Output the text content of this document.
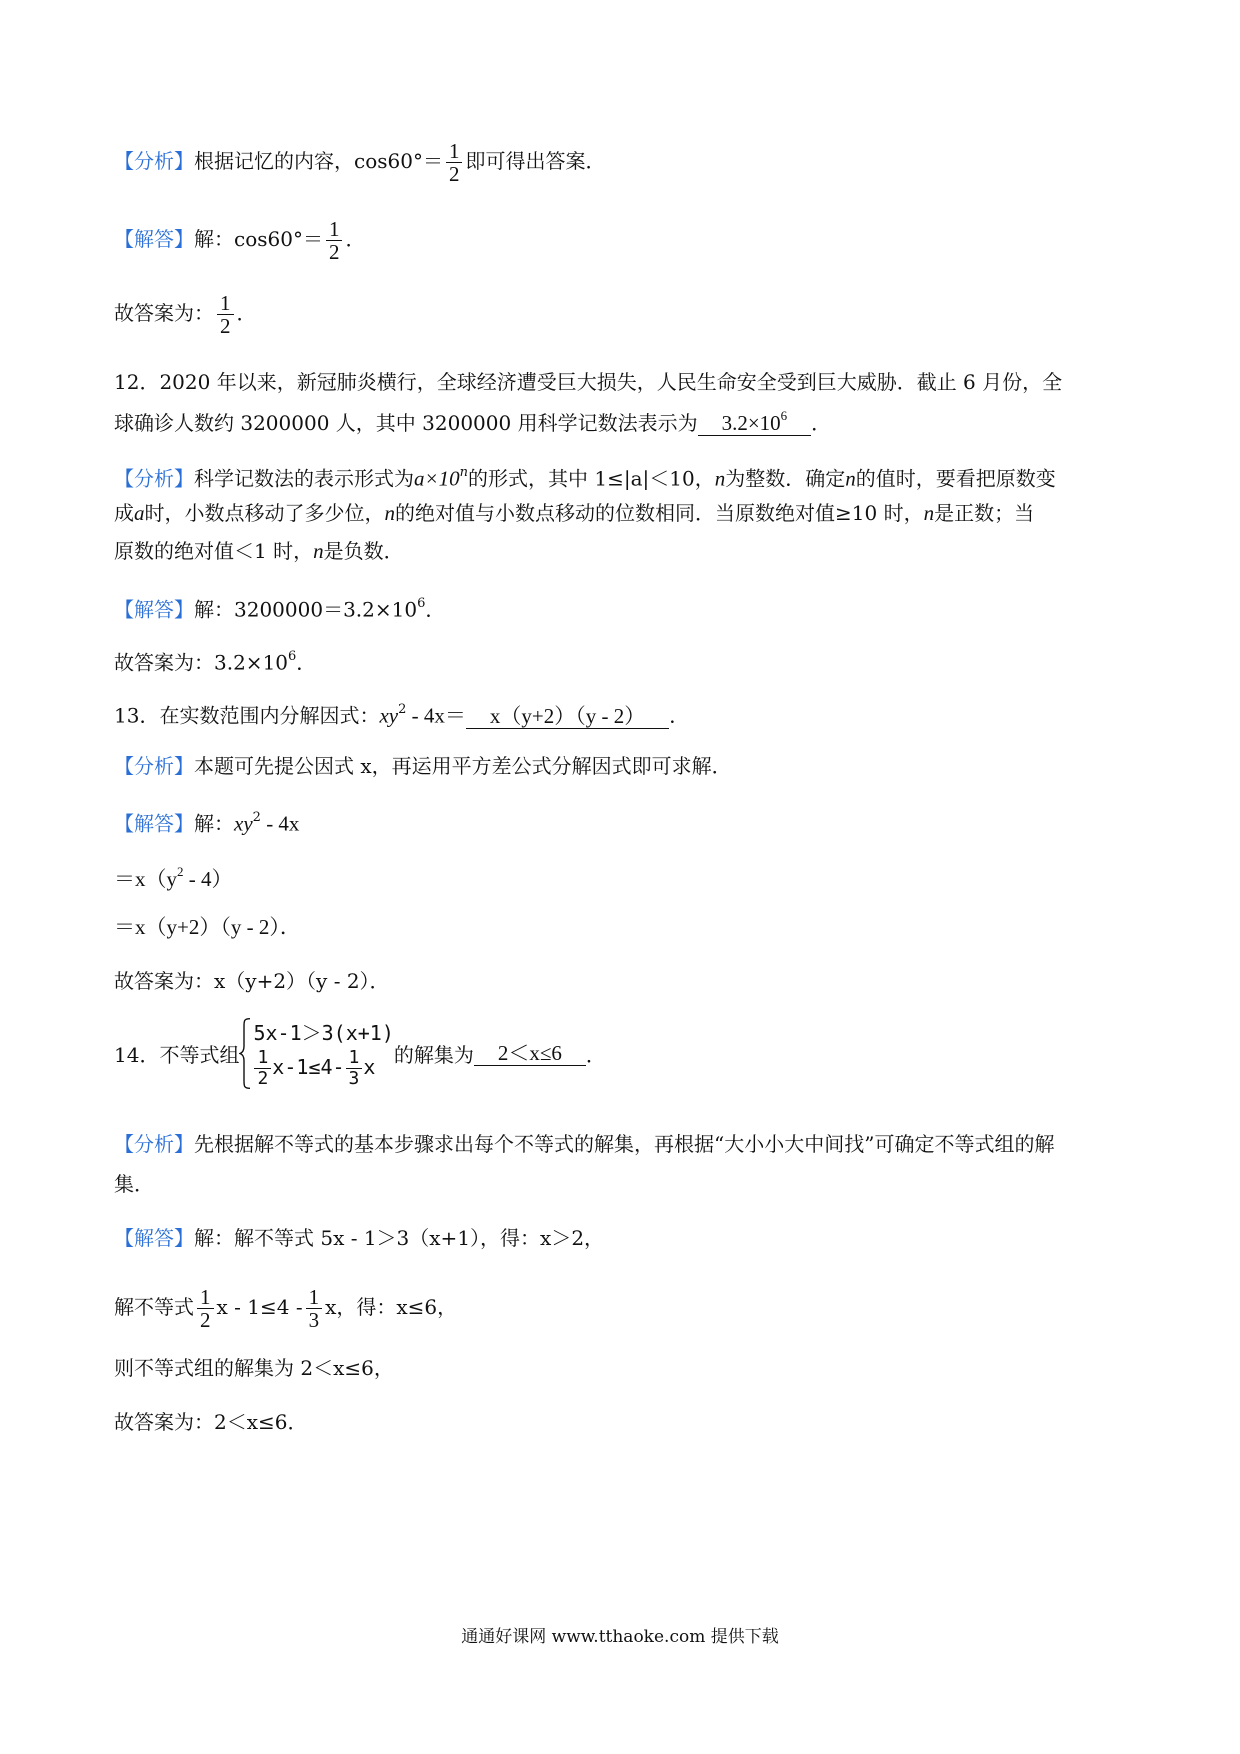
【分析】根据记忆的内容，$\cos 60^\circ= \frac{1}{2}$ 即可得出答案．
【解答】解：$\cos 60^\circ= \frac{1}{2}$ ．
故答案为： $\frac{1}{2}$ ．
12．2020 年以来，新冠肺炎横行，全球经济遭受巨大损失，人民生命安全受到巨大威胁．截止 6 月份，全
球确诊人数约 3200000 人，其中 3200000 用科学记数法表示为 $3.2\times 10^6$ ．
【分析】科学记数法的表示形式为$a\times 10^n$的形式，其中 1≤|a|＜10，n为整数．确定n的值时，要看把原数变
成a时，小数点移动了多少位，n的绝对值与小数点移动的位数相同．当原数绝对值≥10 时，n是正数；当
原数的绝对值＜1 时，n是负数．
【解答】解：$3200000=3.2\times 10^6$．
故答案为：$3.2\times 10^6$．
13．在实数范围内分解因式：$xy^2 - 4x= x(y+2)(y - 2)$ ．
【分析】本题可先提公因式 x，再运用平方差公式分解因式即可求解．
【解答】解：$xy^2 - 4x$
$=x(y^2 - 4)$
＝x（y+2）（y - 2）．
故答案为：x（y+2）（y - 2）．
14．不等式组
5x-1＞3(x+1)
$\frac{1}{2} x-1\le 4- \frac{1}{3}$ x 的解集为 2＜x≤6 ．
【分析】先根据解不等式的基本步骤求出每个不等式的解集，再根据“大小小大中间找”可确定不等式组的解
集．
【解答】解：解不等式 5x - 1＞3（x+1），得：x＞2，
解不等式 $\frac{1}{2}$ $x - 1\le 4 - \frac{1}{3}$ x，得：x≤6，
则不等式组的解集为 2＜x≤6，
故答案为：2＜x≤6．
通通好课网 www.tthaoke.com 提供下载
